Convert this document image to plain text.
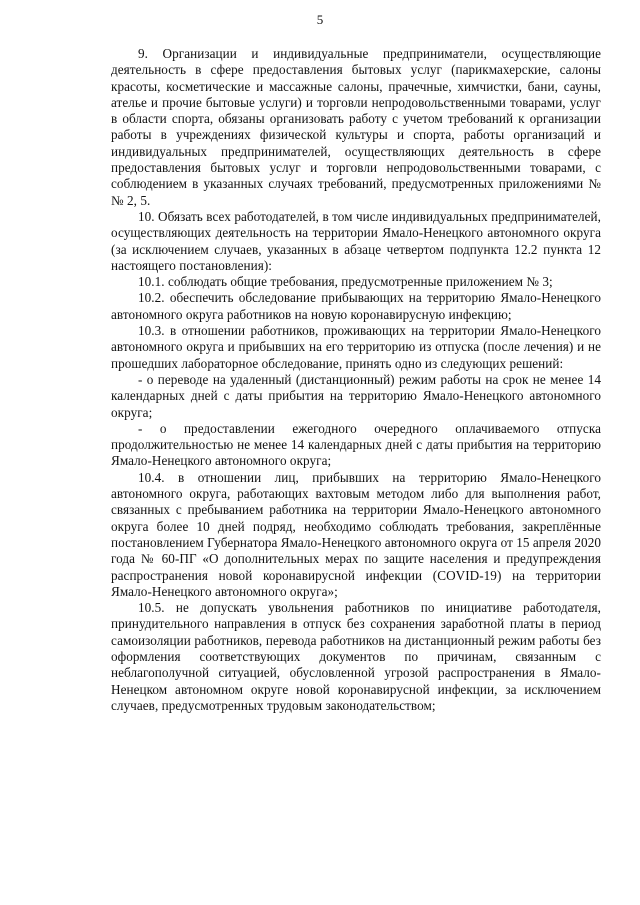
5

9. Организации и индивидуальные предприниматели, осуществляющие деятельность в сфере предоставления бытовых услуг (парикмахерские, салоны красоты, косметические и массажные салоны, прачечные, химчистки, бани, сауны, ателье и прочие бытовые услуги) и торговли непродовольственными товарами, услуг в области спорта, обязаны организовать работу с учетом требований к организации работы в учреждениях физической культуры и спорта, работы организаций и индивидуальных предпринимателей, осуществляющих деятельность в сфере предоставления бытовых услуг и торговли непродовольственными товарами, с соблюдением в указанных случаях требований, предусмотренных приложениями №№ 2, 5.

10. Обязать всех работодателей, в том числе индивидуальных предпринимателей, осуществляющих деятельность на территории Ямало-Ненецкого автономного округа (за исключением случаев, указанных в абзаце четвертом подпункта 12.2 пункта 12 настоящего постановления):

10.1. соблюдать общие требования, предусмотренные приложением № 3;

10.2. обеспечить обследование прибывающих на территорию Ямало-Ненецкого автономного округа работников на новую коронавирусную инфекцию;

10.3. в отношении работников, проживающих на территории Ямало-Ненецкого автономного округа и прибывших на его территорию из отпуска (после лечения) и не прошедших лабораторное обследование, принять одно из следующих решений:

- о переводе на удаленный (дистанционный) режим работы на срок не менее 14 календарных дней с даты прибытия на территорию Ямало-Ненецкого автономного округа;

- о предоставлении ежегодного очередного оплачиваемого отпуска продолжительностью не менее 14 календарных дней с даты прибытия на территорию Ямало-Ненецкого автономного округа;

10.4. в отношении лиц, прибывших на территорию Ямало-Ненецкого автономного округа, работающих вахтовым методом либо для выполнения работ, связанных с пребыванием работника на территории Ямало-Ненецкого автономного округа более 10 дней подряд, необходимо соблюдать требования, закреплённые постановлением Губернатора Ямало-Ненецкого автономного округа от 15 апреля 2020 года № 60-ПГ «О дополнительных мерах по защите населения и предупреждения распространения новой коронавирусной инфекции (COVID-19) на территории Ямало-Ненецкого автономного округа»;

10.5. не допускать увольнения работников по инициативе работодателя, принудительного направления в отпуск без сохранения заработной платы в период самоизоляции работников, перевода работников на дистанционный режим работы без оформления соответствующих документов по причинам, связанным с неблагополучной ситуацией, обусловленной угрозой распространения в Ямало-Ненецком автономном округе новой коронавирусной инфекции, за исключением случаев, предусмотренных трудовым законодательством;
